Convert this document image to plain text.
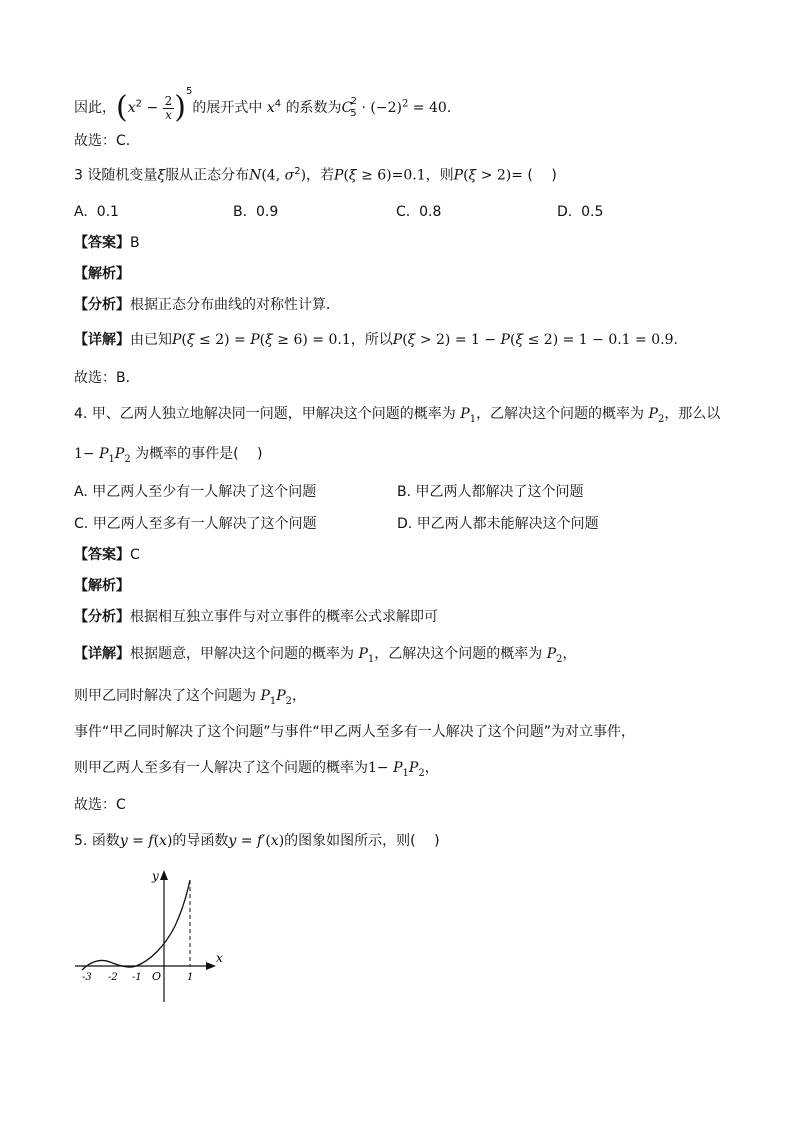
因此，$(x^2 - \frac{2}{x} )^5$的展开式中 $x^4$ 的系数为$C_5^2 \cdot (-2)^2 = 40$.
故选：C.
3 设随机变量ξ服从正态分布N(4, $\sigma^2$)，若P(ξ ≥ 6)=0.1，则P(ξ > 2)= (　 )
A. 0.1	B. 0.9	C. 0.8	D. 0.5
【答案】B
【解析】
【分析】根据正态分布曲线的对称性计算．
【详解】由已知P(ξ ≤ 2) = P(ξ ≥ 6) = 0.1，所以P(ξ > 2) = 1 − P(ξ ≤ 2) = 1 − 0.1 = 0.9.
故选：B．
4. 甲、乙两人独立地解决同一问题，甲解决这个问题的概率为 $P_1$，乙解决这个问题的概率为 $P_2$，那么以
$1- P_1P_2$ 为概率的事件是(　 )
A. 甲乙两人至少有一人解决了这个问题	B. 甲乙两人都解决了这个问题
C. 甲乙两人至多有一人解决了这个问题	D. 甲乙两人都未能解决这个问题
【答案】C
【解析】
【分析】根据相互独立事件与对立事件的概率公式求解即可
【详解】根据题意，甲解决这个问题的概率为 $P_1$，乙解决这个问题的概率为 $P_2$，
则甲乙同时解决了这个问题为 $P_1P_2$，
事件“甲乙同时解决了这个问题”与事件“甲乙两人至多有一人解决了这个问题”为对立事件，
则甲乙两人至多有一人解决了这个问题的概率为$1- P_1P_2$，
故选：C
5. 函数y = f(x)的导函数y = f′(x)的图象如图所示，则(　 )
y
x
O
-3 -2 -1	1
